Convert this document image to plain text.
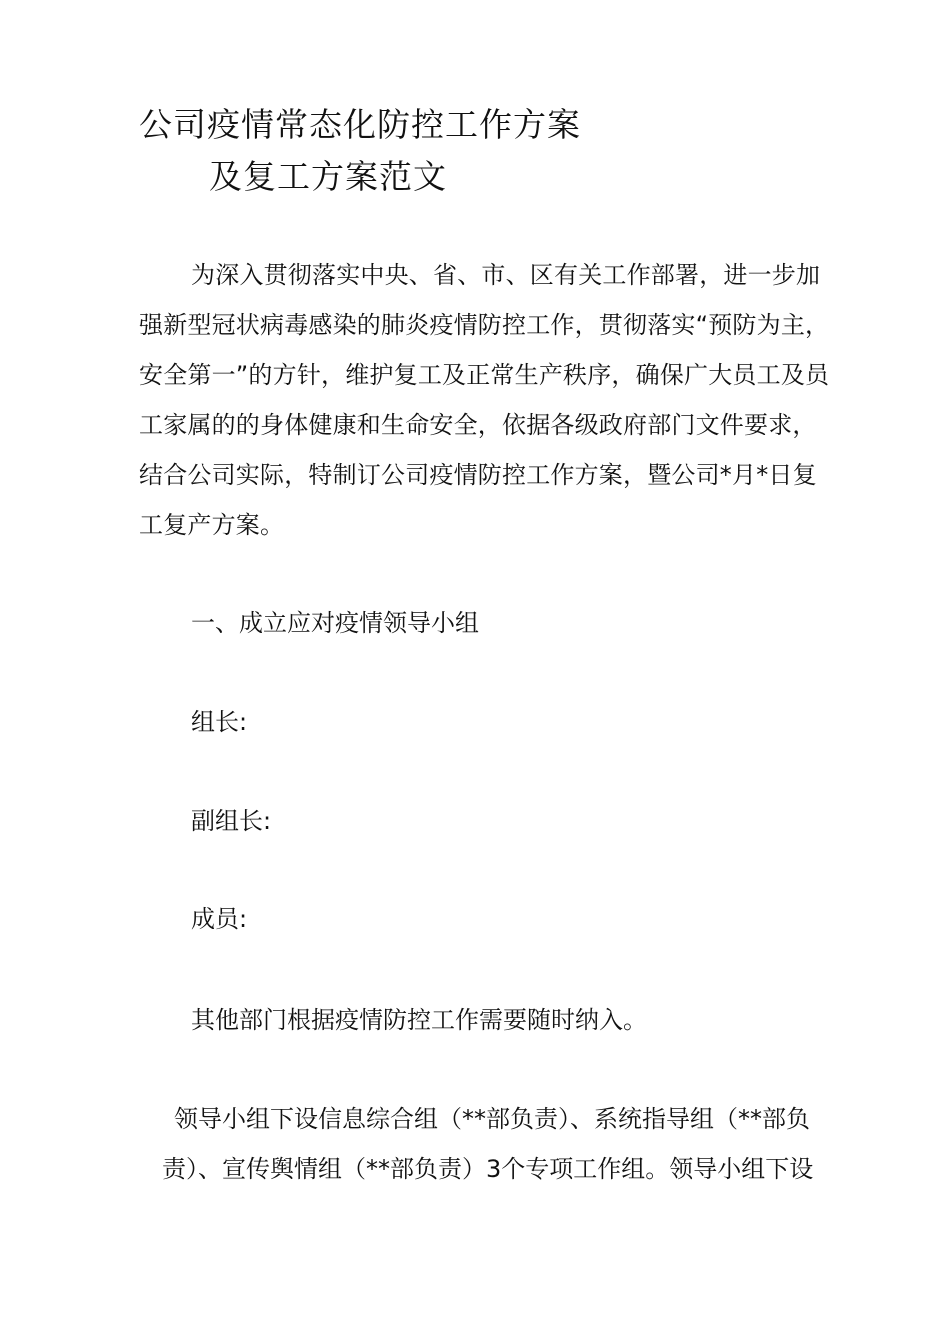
公司疫情常态化防控工作方案
及复工方案范文

为深入贯彻落实中央、省、市、区有关工作部署，进一步加强新型冠状病毒感染的肺炎疫情防控工作，贯彻落实“预防为主，安全第一”的方针，维护复工及正常生产秩序，确保广大员工及员工家属的的身体健康和生命安全，依据各级政府部门文件要求，结合公司实际，特制订公司疫情防控工作方案，暨公司*月*日复工复产方案。

一、成立应对疫情领导小组

组长:

副组长:

成员:

其他部门根据疫情防控工作需要随时纳入。

领导小组下设信息综合组（**部负责）、系统指导组（**部负责）、宣传舆情组（**部负责）3个专项工作组。领导小组下设
